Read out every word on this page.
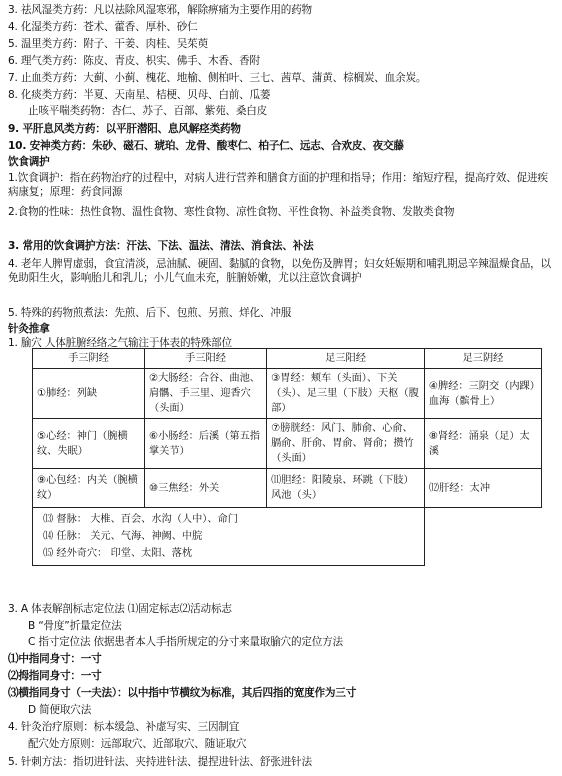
3. 祛风湿类方药：凡以祛除风湿寒邪，解除痹痛为主要作用的药物
4. 化湿类方药：苍术、藿香、厚朴、砂仁
5. 温里类方药：附子、干姜、肉桂、吴茱萸
6. 理气类方药：陈皮、青皮、枳实、佛手、木香、香附
7. 止血类方药：大蓟、小蓟、槐花、地榆、侧柏叶、三七、茜草、蒲黄、棕榈炭、血余炭。
8. 化痰类方药：半夏、天南星、桔梗、贝母、白前、瓜蒌
止咳平喘类药物：杏仁、苏子、百部、紫苑、桑白皮
9. 平肝息风类方药：以平肝潜阳、息风解痉类药物
10. 安神类方药：朱砂、磁石、琥珀、龙骨、酸枣仁、柏子仁、远志、合欢皮、夜交藤
饮食调护
1.饮食调护：指在药物治疗的过程中，对病人进行营养和膳食方面的护理和指导；作用：缩短疗程，提高疗效、促进疾病康复；原理：药食同源
2.食物的性味：热性食物、温性食物、寒性食物、凉性食物、平性食物、补益类食物、发散类食物
3. 常用的饮食调护方法：汗法、下法、温法、清法、消食法、补法
4. 老年人脾胃虚弱，食宜清淡，忌油腻、硬固、黏腻的食物，以免伤及脾胃；妇女妊娠期和哺乳期忌辛辣温燥食品，以免助阳生火，影响胎儿和乳儿；小儿气血未充，脏腑娇嫩，尤以注意饮食调护
5. 特殊的药物煎煮法：先煎、后下、包煎、另煎、烊化、冲服
针灸推拿
1. 腧穴 人体脏腑经络之气输注于体表的特殊部位
手三阴经	手三阳经	足三阳经	足三阴经
①肺经：列缺	②大肠经：合谷、曲池、肩髃、手三里、迎香穴（头面）	③胃经：颊车（头面）、下关（头）、足三里（下肢）天枢（腹部）	④脾经：三阴交（内踝）血海（髌骨上）
⑤心经：神门（腕横纹、失眠）	⑥小肠经：后溪（第五指掌关节）	⑦膀胱经：风门、肺俞、心俞、膈俞、肝俞、胃俞、肾俞；攒竹（头面）	⑧肾经：涌泉（足）太溪
⑨心包经：内关（腕横纹）	⑩三焦经：外关	⑾胆经：阳陵泉、环跳（下肢）风池（头）	⑿肝经：太冲

⒀ 督脉： 大椎、百会、水沟（人中）、命门
⒁ 任脉： 关元、气海、神阙、中脘
⒂ 经外奇穴： 印堂、太阳、落枕			
3. A 体表解剖标志定位法 ⑴固定标志⑵活动标志
B “骨度”折量定位法
C 指寸定位法 依据患者本人手指所规定的分寸来量取腧穴的定位方法
⑴中指同身寸：一寸
⑵拇指同身寸：一寸
⑶横指同身寸（一夫法）：以中指中节横纹为标准，其后四指的宽度作为三寸
D 简便取穴法
4. 针灸治疗原则：标本缓急、补虚写实、三因制宜
配穴处方原则：远部取穴、近部取穴、随证取穴
5. 针刺方法：指切进针法、夹持进针法、提捏进针法、舒张进针法
